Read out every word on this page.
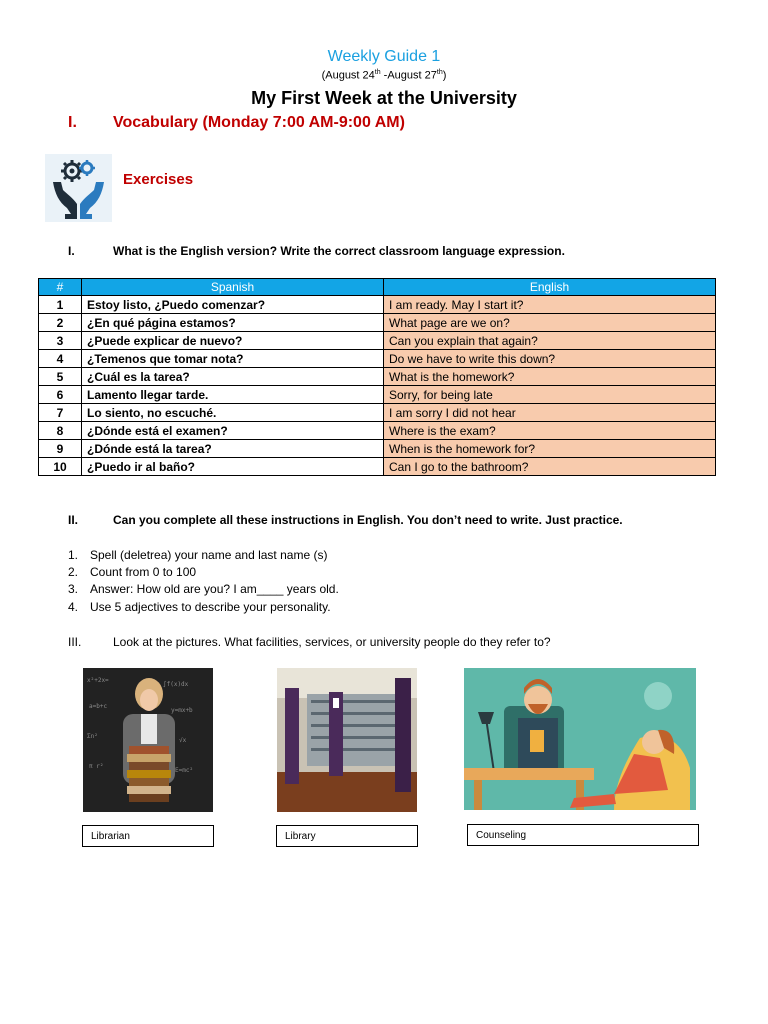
Weekly Guide 1
(August 24th -August 27th)
My First Week at the University
I. Vocabulary (Monday 7:00 AM-9:00 AM)
Exercises
I.	What is the English version? Write the correct classroom language expression.
#	Spanish	English
1	Estoy listo, ¿Puedo comenzar?	I am ready. May I start it?
2	¿En qué página estamos?	What page are we on?
3	¿Puede explicar de nuevo?	Can you explain that again?
4	¿Temenos que tomar nota?	Do we have to write this down?
5	¿Cuál es la tarea?	What is the homework?
6	Lamento llegar tarde.	Sorry, for being late
7	Lo siento, no escuché.	I am sorry I did not hear
8	¿Dónde está el examen?	Where is the exam?
9	¿Dónde está la tarea?	When is the homework for?
10	¿Puedo ir al baño?	Can I go to the bathroom?
II.	Can you complete all these instructions in English. You don’t need to write. Just practice.
1. Spell (deletrea) your name and last name (s)
2. Count from 0 to 100
3. Answer: How old are you? I am____ years old.
4. Use 5 adjectives to describe your personality.
III.	Look at the pictures. What facilities, services, or university people do they refer to?
x²+2x=
∫f(x)dx
a=b+c
y=mx+b
Σn²
√x
π r²
E=mc²
Librarian	Library	Counseling
